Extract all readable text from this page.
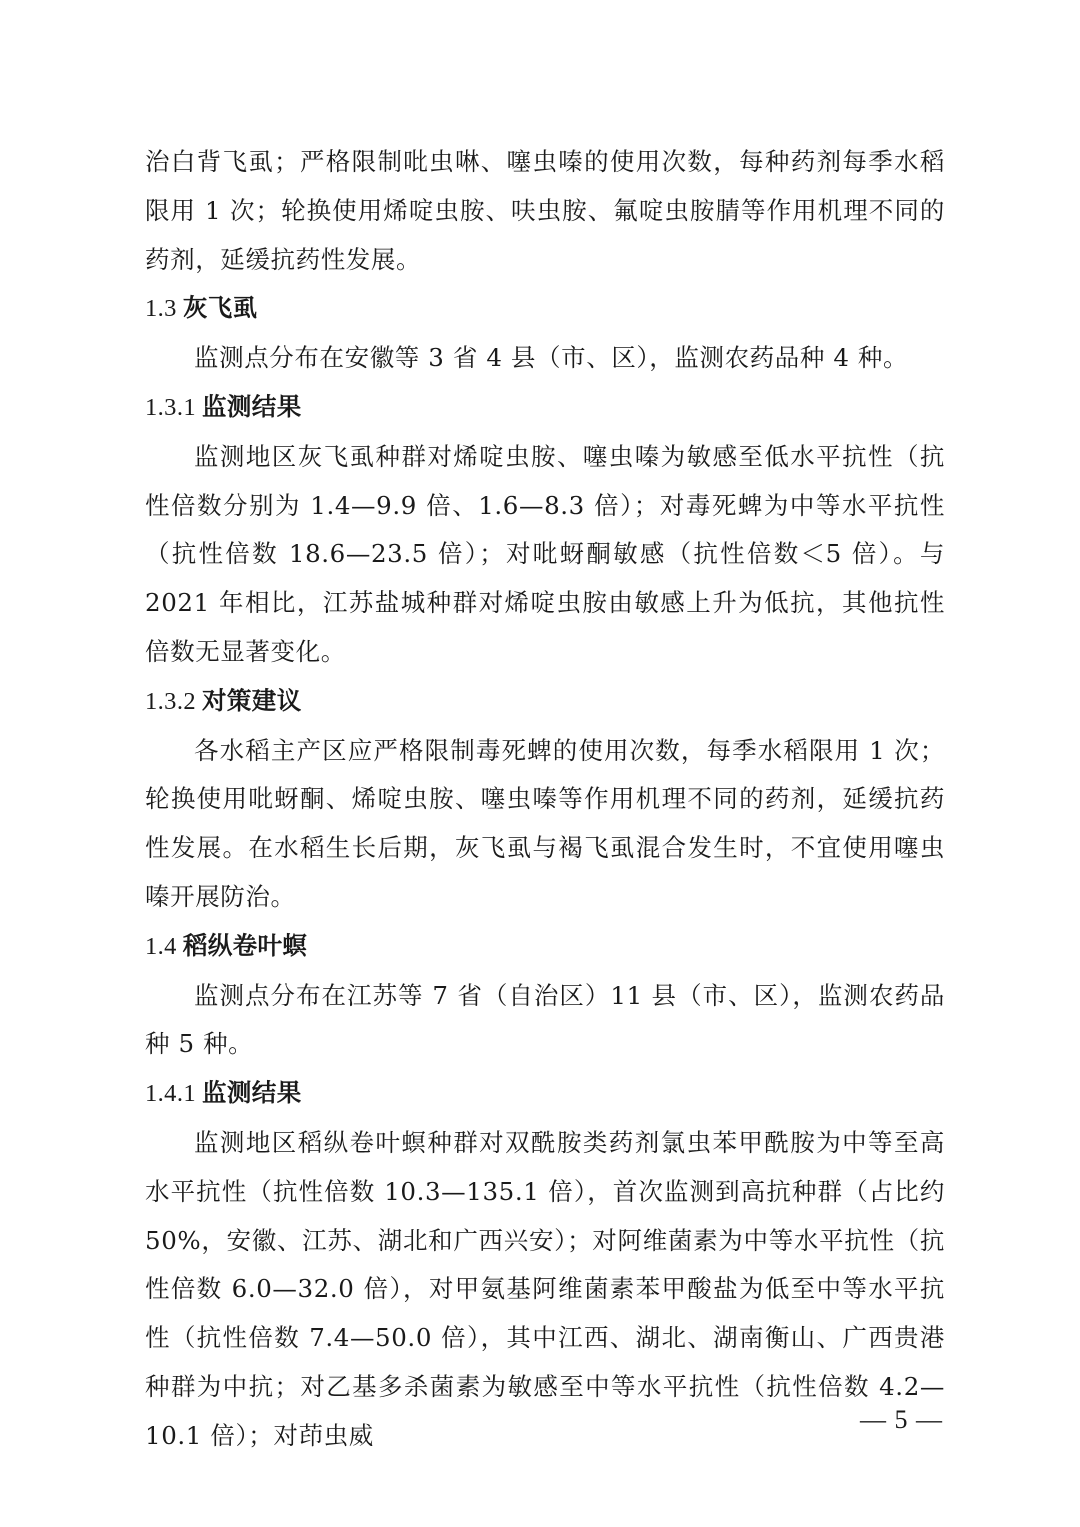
治白背飞虱；严格限制吡虫啉、噻虫嗪的使用次数，每种药剂每季水稻限用 1 次；轮换使用烯啶虫胺、呋虫胺、氟啶虫胺腈等作用机理不同的药剂，延缓抗药性发展。

1.3 灰飞虱

监测点分布在安徽等 3 省 4 县（市、区），监测农药品种 4 种。

1.3.1 监测结果

监测地区灰飞虱种群对烯啶虫胺、噻虫嗪为敏感至低水平抗性（抗性倍数分别为 1.4—9.9 倍、1.6—8.3 倍）；对毒死蜱为中等水平抗性（抗性倍数 18.6—23.5 倍）；对吡蚜酮敏感（抗性倍数＜5 倍）。与 2021 年相比，江苏盐城种群对烯啶虫胺由敏感上升为低抗，其他抗性倍数无显著变化。

1.3.2 对策建议

各水稻主产区应严格限制毒死蜱的使用次数，每季水稻限用 1 次；轮换使用吡蚜酮、烯啶虫胺、噻虫嗪等作用机理不同的药剂，延缓抗药性发展。在水稻生长后期，灰飞虱与褐飞虱混合发生时，不宜使用噻虫嗪开展防治。

1.4 稻纵卷叶螟

监测点分布在江苏等 7 省（自治区）11 县（市、区），监测农药品种 5 种。

1.4.1 监测结果

监测地区稻纵卷叶螟种群对双酰胺类药剂氯虫苯甲酰胺为中等至高水平抗性（抗性倍数 10.3—135.1 倍），首次监测到高抗种群（占比约 50%，安徽、江苏、湖北和广西兴安）；对阿维菌素为中等水平抗性（抗性倍数 6.0—32.0 倍），对甲氨基阿维菌素苯甲酸盐为低至中等水平抗性（抗性倍数 7.4—50.0 倍），其中江西、湖北、湖南衡山、广西贵港种群为中抗；对乙基多杀菌素为敏感至中等水平抗性（抗性倍数 4.2—10.1 倍）；对茚虫威

— 5 —
